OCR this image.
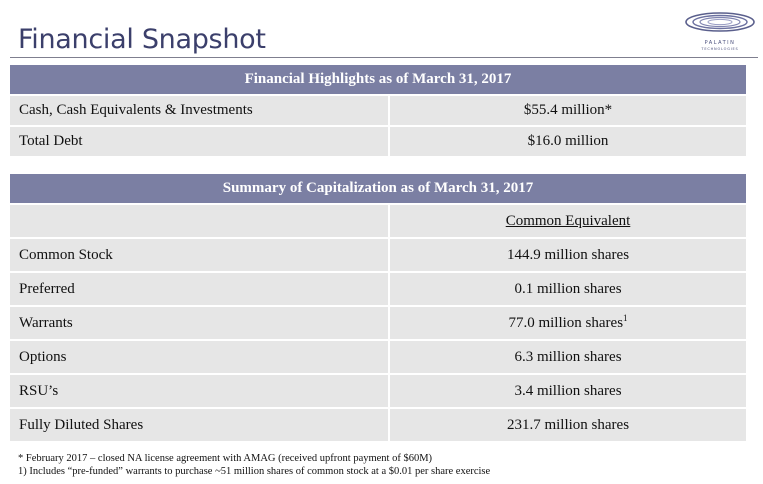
Financial Snapshot	PALATIN
TECHNOLOGIES
Financial Highlights as of March 31, 2017	
Cash, Cash Equivalents & Investments	$55.4 million*
Total Debt	$16.0 million
Summary of Capitalization as of March 31, 2017	
	Common Equivalent
Common Stock	144.9 million shares
Preferred	0.1 million shares
Warrants	77.0 million shares$^1$
Options	6.3 million shares
RSU’s	3.4 million shares
Fully Diluted Shares	231.7 million shares
* February 2017 – closed NA license agreement with AMAG (received upfront payment of $60M)
1) Includes “pre-funded” warrants to purchase ~51 million shares of common stock at a $0.01 per share exercise
